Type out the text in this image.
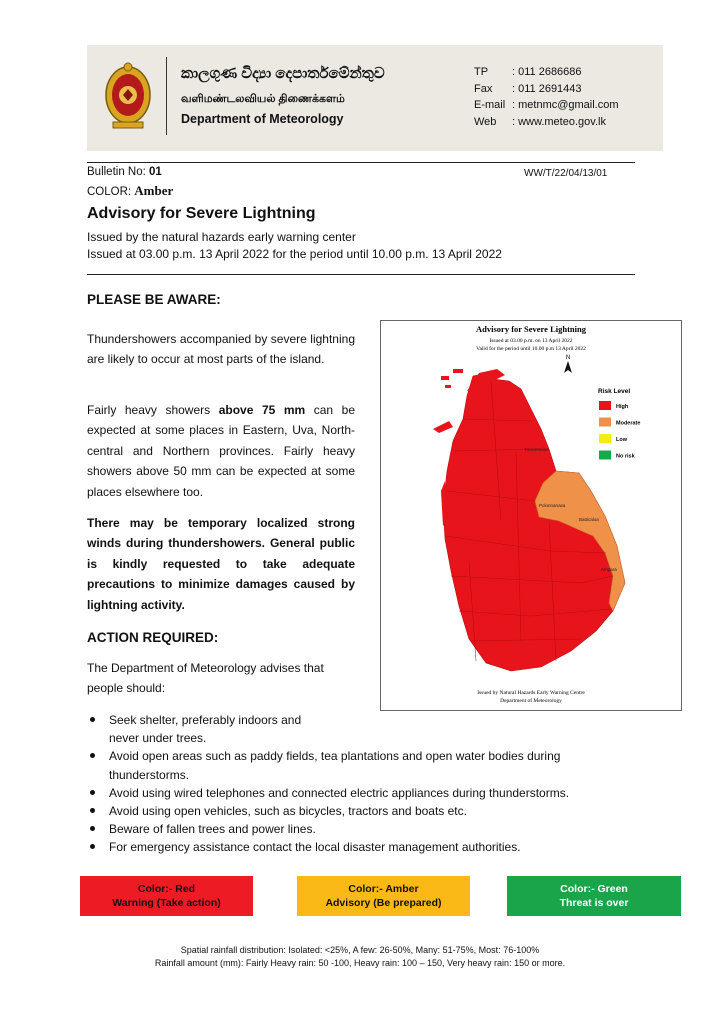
කාලගුණ විද්‍යා දෙපාර්තමේන්තුව
வளிமண்டலவியல் திணைக்களம்
Department of Meteorology
TP : 011 2686686
Fax : 011 2691443
E-mail : metnmc@gmail.com
Web : www.meteo.gov.lk
Bulletin No: 01	WW/T/22/04/13/01
COLOR: Amber
Advisory for Severe Lightning
Issued by the natural hazards early warning center
Issued at 03.00 p.m. 13 April 2022 for the period until 10.00 p.m. 13 April 2022
PLEASE BE AWARE:
Thundershowers accompanied by severe lightning are likely to occur at most parts of the island.
Fairly heavy showers above 75 mm can be expected at some places in Eastern, Uva, North-central and Northern provinces. Fairly heavy showers above 50 mm can be expected at some places elsewhere too.
There may be temporary localized strong winds during thundershowers. General public is kindly requested to take adequate precautions to minimize damages caused by lightning activity.
ACTION REQUIRED:
The Department of Meteorology advises that people should:
Advisory for Severe Lightning
Issued at 03.00 p.m. on 13 April 2022
Valid for the period until 10.00 p.m 13 April 2022
N
Trincomalee
Polonnaruwa
Batticaloa
Ampara
Risk Level
High
Moderate
Low
No risk
Issued by Natural Hazards Early Warning Centre
Department of Meteorology
Seek shelter, preferably indoors and
never under trees.
Avoid open areas such as paddy fields, tea plantations and open water bodies during
thunderstorms.
Avoid using wired telephones and connected electric appliances during thunderstorms.
Avoid using open vehicles, such as bicycles, tractors and boats etc.
Beware of fallen trees and power lines.
For emergency assistance contact the local disaster management authorities.
Color:- Red
Warning (Take action)
Color:- Amber
Advisory (Be prepared)
Color:- Green
Threat is over
Spatial rainfall distribution: Isolated: <25%, A few: 26-50%, Many: 51-75%, Most: 76-100%
Rainfall amount (mm): Fairly Heavy rain: 50 -100, Heavy rain: 100 – 150, Very heavy rain: 150 or more.
